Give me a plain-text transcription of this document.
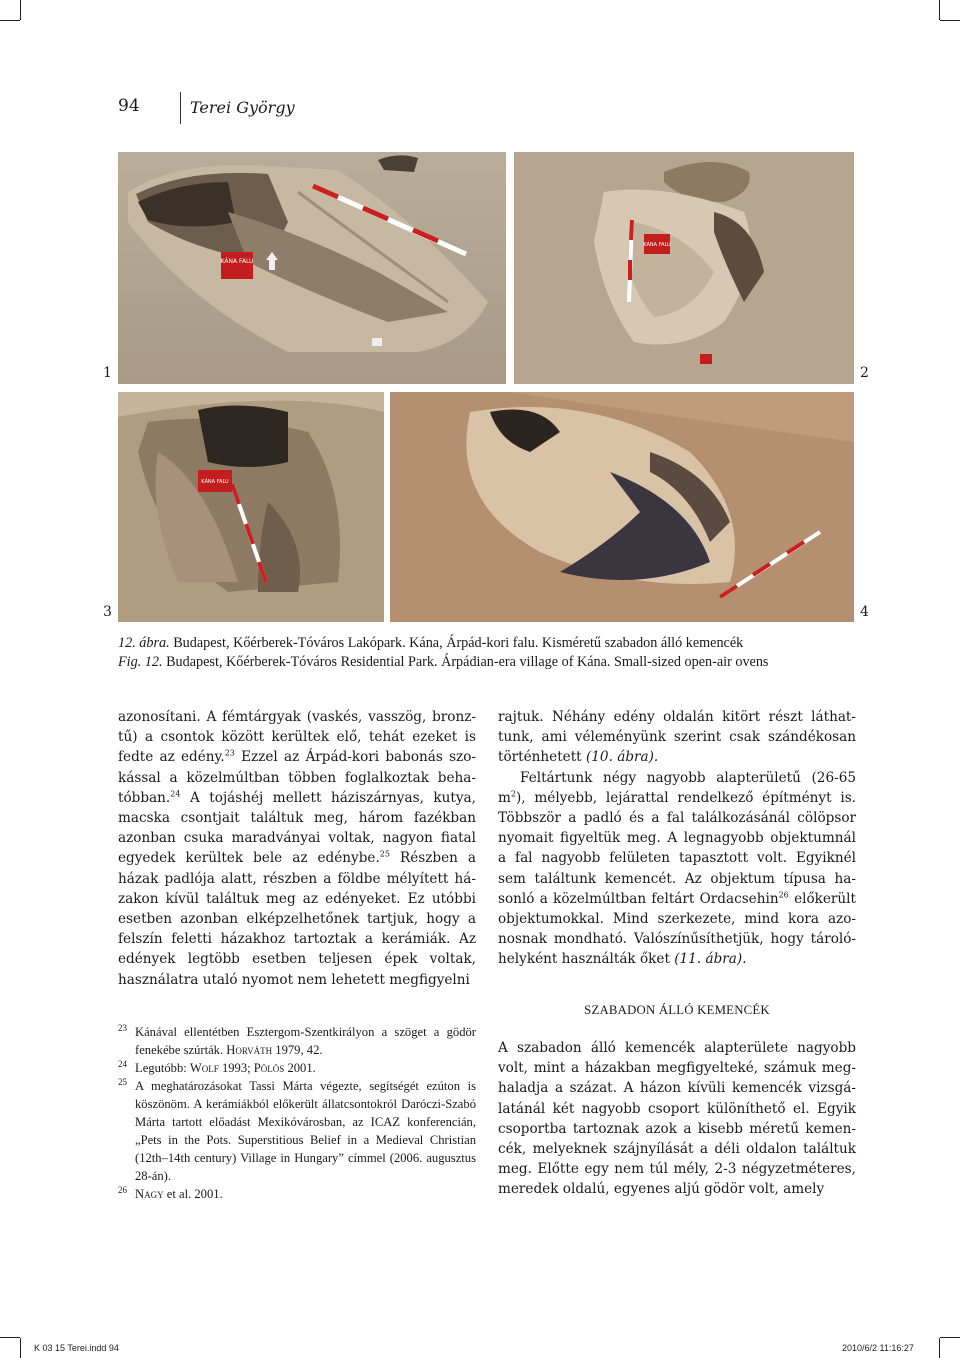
94	Terei György
KÁNA FALU
KÁNA FALU
1	2
KÁNA FALU
3	4
12. ábra. Budapest, Kőérberek-Tóváros Lakópark. Kána, Árpád-kori falu. Kisméretű szabadon álló kemencék
Fig. 12. Budapest, Kőérberek-Tóváros Residential Park. Árpádian-era village of Kána. Small-sized open-air ovens

azonosítani. A fémtárgyak (vaskés, vasszög, bronztű) a csontok között kerültek elő, tehát ezeket is fedte az edény.$^{23}$ Ezzel az Árpád-kori babonás szokással a közelmúltban többen foglalkoztak behatóbban.$^{24}$ A tojáshéj mellett háziszárnyas, kutya, macska csontjait találtuk meg, három fazékban azonban csuka maradványai voltak, nagyon fiatal egyedek kerültek bele az edénybe.$^{25}$ Részben a házak padlója alatt, részben a földbe mélyített házakon kívül találtuk meg az edényeket. Ez utóbbi esetben azonban elképzelhetőnek tartjuk, hogy a felszín feletti házakhoz tartoztak a kerámiák. Az edények legtöbb esetben teljesen épek voltak, használatra utaló nyomot nem lehetett megfigyelni

rajtuk. Néhány edény oldalán kitört részt láthattunk, ami véleményünk szerint csak szándékosan történhetett (10. ábra).

Feltártunk négy nagyobb alapterületű (26-65 $m^2$), mélyebb, lejárattal rendelkező építményt is. Többször a padló és a fal találkozásánál cölöpsor nyomait figyeltük meg. A legnagyobb objektumnál a fal nagyobb felületen tapasztott volt. Egyiknél sem találtunk kemencét. Az objektum típusa hasonló a közelmúltban feltárt Ordacsehin$^{26}$ előkerült objektumokkal. Mind szerkezete, mind kora azonosnak mondható. Valószínűsíthetjük, hogy tárolóhelyként használták őket (11. ábra).

SZABADON ÁLLÓ KEMENCÉK

A szabadon álló kemencék alapterülete nagyobb volt, mint a házakban megfigyelteké, számuk meghaladja a százat. A házon kívüli kemencék vizsgálatánál két nagyobb csoport különíthető el. Egyik csoportba tartoznak azok a kisebb méretű kemencék, melyeknek szájnyílását a déli oldalon találtuk meg. Előtte egy nem túl mély, 2-3 négyzetméteres, meredek oldalú, egyenes aljú gödör volt, amely

23 Kánával ellentétben Esztergom-Szentkirályon a szöget a gödör fenekébe szúrták. Horváth 1979, 42.

24 Legutóbb: Wolf 1993; Pölös 2001.

25 A meghatározásokat Tassi Márta végezte, segítségét ezúton is köszönöm. A kerámiákból előkerült állatcsontokról Daróczi-Szabó Márta tartott előadást Mexikóvárosban, az ICAZ konferencián, „Pets in the Pots. Superstitious Belief in a Medieval Christian (12th–14th century) Village in Hungary” címmel (2006. augusztus 28-án).

26 Nagy et al. 2001.

K 03 15 Terei.indd 94	2010/6/2 11:16:27
